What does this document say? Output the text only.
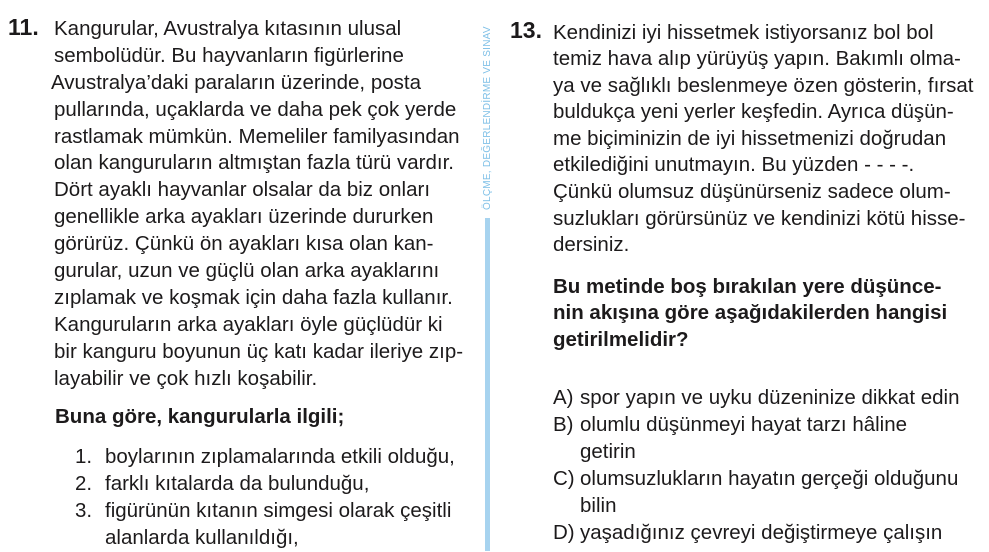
11. Kangurular, Avustralya kıtasının ulusal
sembolüdür. Bu hayvanların figürlerine
Avustralya’daki paraların üzerinde, posta
pullarında, uçaklarda ve daha pek çok yerde
rastlamak mümkün. Memeliler familyasından
olan kanguruların altmıştan fazla türü vardır.
Dört ayaklı hayvanlar olsalar da biz onları
genellikle arka ayakları üzerinde dururken
görürüz. Çünkü ön ayakları kısa olan kan-
gurular, uzun ve güçlü olan arka ayaklarını
zıplamak ve koşmak için daha fazla kullanır.
Kanguruların arka ayakları öyle güçlüdür ki
bir kanguru boyunun üç katı kadar ileriye zıp-
layabilir ve çok hızlı koşabilir.
Buna göre, kangurularla ilgili;
1. boylarının zıplamalarında etkili olduğu,
2. farklı kıtalarda da bulunduğu,
3. figürünün kıtanın simgesi olarak çeşitli
alanlarda kullanıldığı,
ÖLÇME, DEĞERLENDİRME VE SINAV 13. Kendinizi iyi hissetmek istiyorsanız bol bol
temiz hava alıp yürüyüş yapın. Bakımlı olma-
ya ve sağlıklı beslenmeye özen gösterin, fırsat
buldukça yeni yerler keşfedin. Ayrıca düşün-
me biçiminizin de iyi hissetmenizi doğrudan
etkilediğini unutmayın. Bu yüzden - - - -.
Çünkü olumsuz düşünürseniz sadece olum-
suzlukları görürsünüz ve kendinizi kötü hisse-
dersiniz.
Bu metinde boş bırakılan yere düşünce-
nin akışına göre aşağıdakilerden hangisi
getirilmelidir?
A) spor yapın ve uyku düzeninize dikkat edin
B) olumlu düşünmeyi hayat tarzı hâline
getirin
C) olumsuzlukların hayatın gerçeği olduğunu
bilin
D) yaşadığınız çevreyi değiştirmeye çalışın
